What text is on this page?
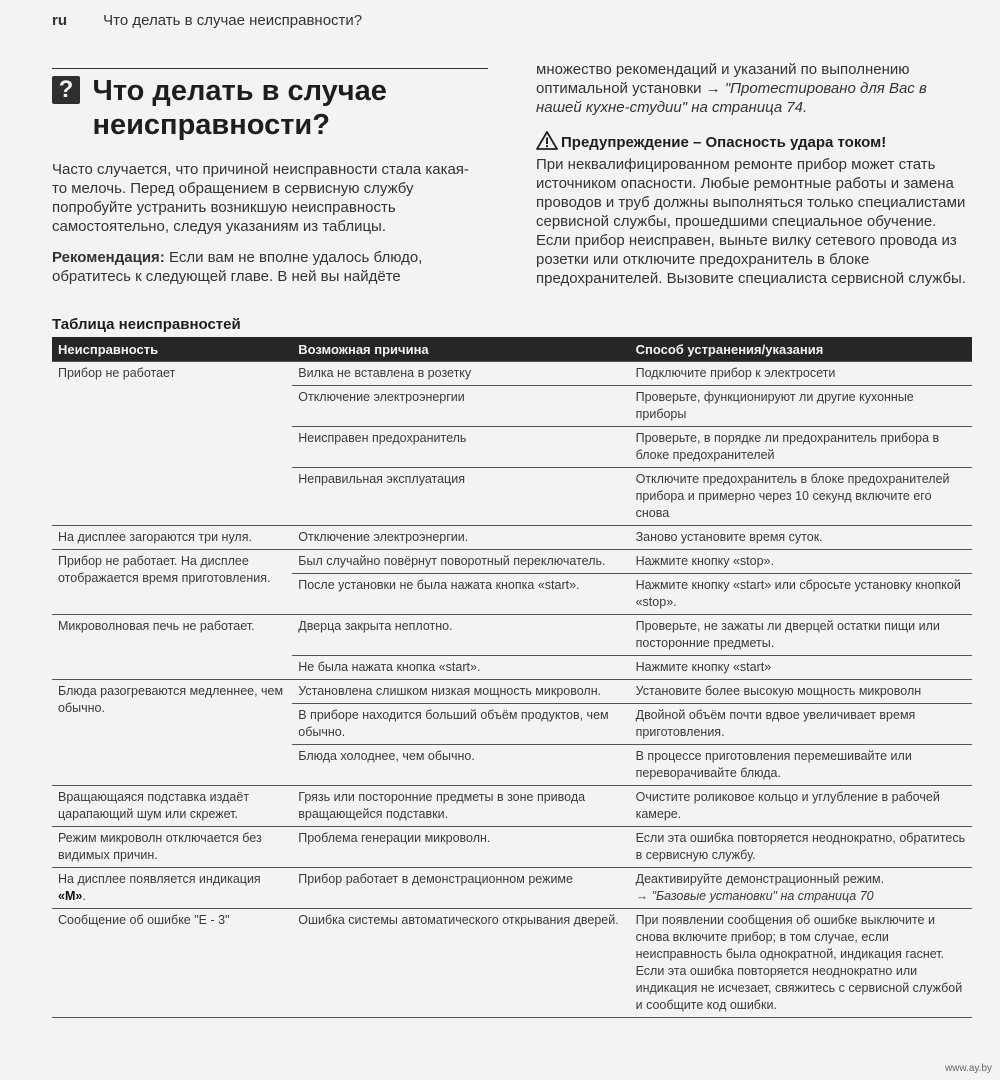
ru Что делать в случае неисправности?
? Что делать в случае неисправности?

Часто случается, что причиной неисправности стала какая-то мелочь. Перед обращением в сервисную службу попробуйте устранить возникшую неисправность самостоятельно, следуя указаниям из таблицы.

Рекомендация: Если вам не вполне удалось блюдо, обратитесь к следующей главе. В ней вы найдёте

множество рекомендаций и указаний по выполнению оптимальной установки → "Протестировано для Вас в нашей кухне-студии" на страница 74.

Предупреждение – Опасность удара током!
При неквалифицированном ремонте прибор может стать источником опасности. Любые ремонтные работы и замена проводов и труб должны выполняться только специалистами сервисной службы, прошедшими специальное обучение. Если прибор неисправен, выньте вилку сетевого провода из розетки или отключите предохранитель в блоке предохранителей. Вызовите специалиста сервисной службы.
Таблица неисправностей
Неисправность	Возможная причина	Способ устранения/указания
Прибор не работает	Вилка не вставлена в розетку	Подключите прибор к электросети
	Отключение электроэнергии	Проверьте, функционируют ли другие кухонные приборы
	Неисправен предохранитель	Проверьте, в порядке ли предохранитель прибора в блоке предохранителей
	Неправильная эксплуатация	Отключите предохранитель в блоке предохранителей прибора и примерно через 10 секунд включите его снова
На дисплее загораются три нуля.	Отключение электроэнергии.	Заново установите время суток.
Прибор не работает. На дисплее отображается время приготовления.	Был случайно повёрнут поворотный переключатель.	Нажмите кнопку «stop».
	После установки не была нажата кнопка «start».	Нажмите кнопку «start» или сбросьте установку кнопкой «stop».
Микроволновая печь не работает.	Дверца закрыта неплотно.	Проверьте, не зажаты ли дверцей остатки пищи или посторонние предметы.
	Не была нажата кнопка «start».	Нажмите кнопку «start»
Блюда разогреваются медленнее, чем обычно.	Установлена слишком низкая мощность микроволн.	Установите более высокую мощность микроволн
	В приборе находится больший объём продуктов, чем обычно.	Двойной объём почти вдвое увеличивает время приготовления.
	Блюда холоднее, чем обычно.	В процессе приготовления перемешивайте или переворачивайте блюда.
Вращающаяся подставка издаёт царапающий шум или скрежет.	Грязь или посторонние предметы в зоне привода вращающейся подставки.	Очистите роликовое кольцо и углубление в рабочей камере.
Режим микроволн отключается без видимых причин.	Проблема генерации микроволн.	Если эта ошибка повторяется неоднократно, обратитесь в сервисную службу.
На дисплее появляется индикация «M».	Прибор работает в демонстрационном режиме	Деактивируйте демонстрационный режим.
→ "Базовые установки" на страница 70

Сообщение об ошибке "E - 3"	Ошибка системы автоматического открывания дверей.	При появлении сообщения об ошибке выключите и снова включите прибор; в том случае, если неисправность была однократной, индикация гаснет. Если эта ошибка повторяется неоднократно или индикация не исчезает, свяжитесь с сервисной службой и сообщите код ошибки.
www.ay.by
